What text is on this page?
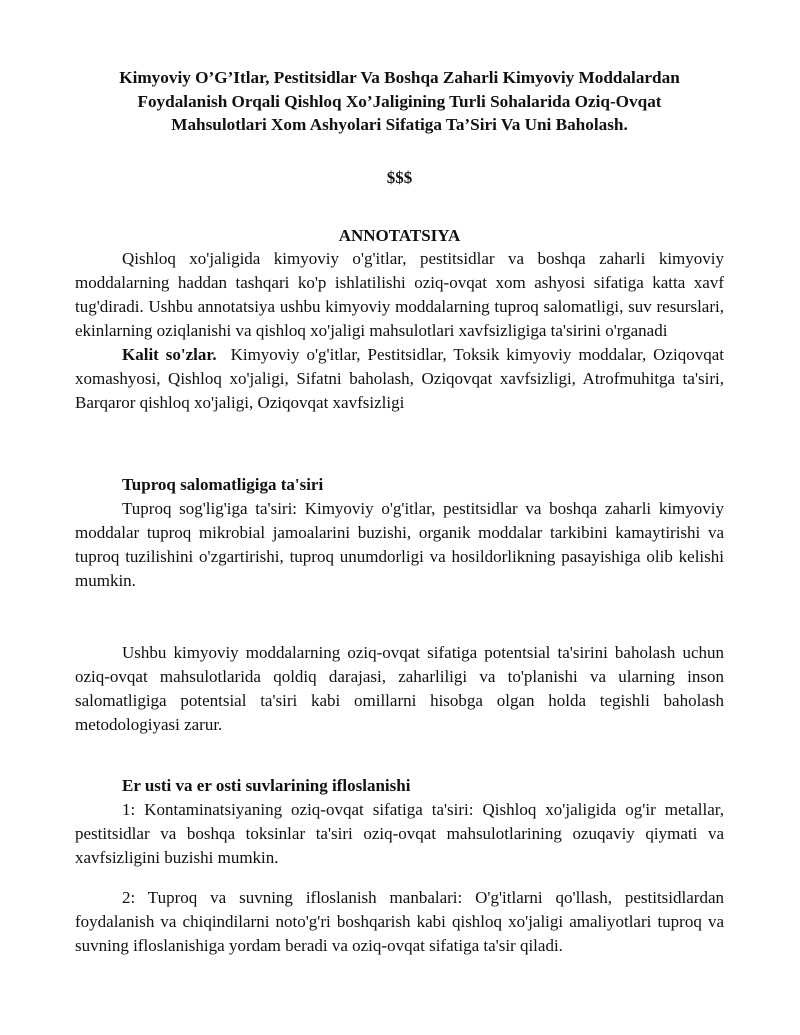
Kimyoviy O’G’Itlar, Pestitsidlar Va Boshqa Zaharli Kimyoviy Moddalardan
Foydalanish Orqali Qishloq Xo’Jaligining Turli Sohalarida Oziq-Ovqat
Mahsulotlari Xom Ashyolari Sifatiga Ta’Siri Va Uni Baholash.
$$$
ANNOTATSIYA

Qishloq xo'jaligida kimyoviy o'g'itlar, pestitsidlar va boshqa zaharli kimyoviy moddalarning haddan tashqari ko'p ishlatilishi oziq-ovqat xom ashyosi sifatiga katta xavf tug'diradi. Ushbu annotatsiya ushbu kimyoviy moddalarning tuproq salomatligi, suv resurslari, ekinlarning oziqlanishi va qishloq xo'jaligi mahsulotlari xavfsizligiga ta'sirini o'rganadi

Kalit so'zlar. Kimyoviy o'g'itlar, Pestitsidlar, Toksik kimyoviy moddalar, Oziqovqat xomashyosi, Qishloq xo'jaligi, Sifatni baholash, Oziqovqat xavfsizligi, Atrofmuhitga ta'siri, Barqaror qishloq xo'jaligi, Oziqovqat xavfsizligi

Tuproq salomatligiga ta'siri

Tuproq sog'lig'iga ta'siri: Kimyoviy o'g'itlar, pestitsidlar va boshqa zaharli kimyoviy moddalar tuproq mikrobial jamoalarini buzishi, organik moddalar tarkibini kamaytirishi va tuproq tuzilishini o'zgartirishi, tuproq unumdorligi va hosildorlikning pasayishiga olib kelishi mumkin.

Ushbu kimyoviy moddalarning oziq-ovqat sifatiga potentsial ta'sirini baholash uchun oziq-ovqat mahsulotlarida qoldiq darajasi, zaharliligi va to'planishi va ularning inson salomatligiga potentsial ta'siri kabi omillarni hisobga olgan holda tegishli baholash metodologiyasi zarur.

Er usti va er osti suvlarining ifloslanishi

1: Kontaminatsiyaning oziq-ovqat sifatiga ta'siri: Qishloq xo'jaligida og'ir metallar, pestitsidlar va boshqa toksinlar ta'siri oziq-ovqat mahsulotlarining ozuqaviy qiymati va xavfsizligini buzishi mumkin.

2: Tuproq va suvning ifloslanish manbalari: O'g'itlarni qo'llash, pestitsidlardan foydalanish va chiqindilarni noto'g'ri boshqarish kabi qishloq xo'jaligi amaliyotlari tuproq va suvning ifloslanishiga yordam beradi va oziq-ovqat sifatiga ta'sir qiladi.
